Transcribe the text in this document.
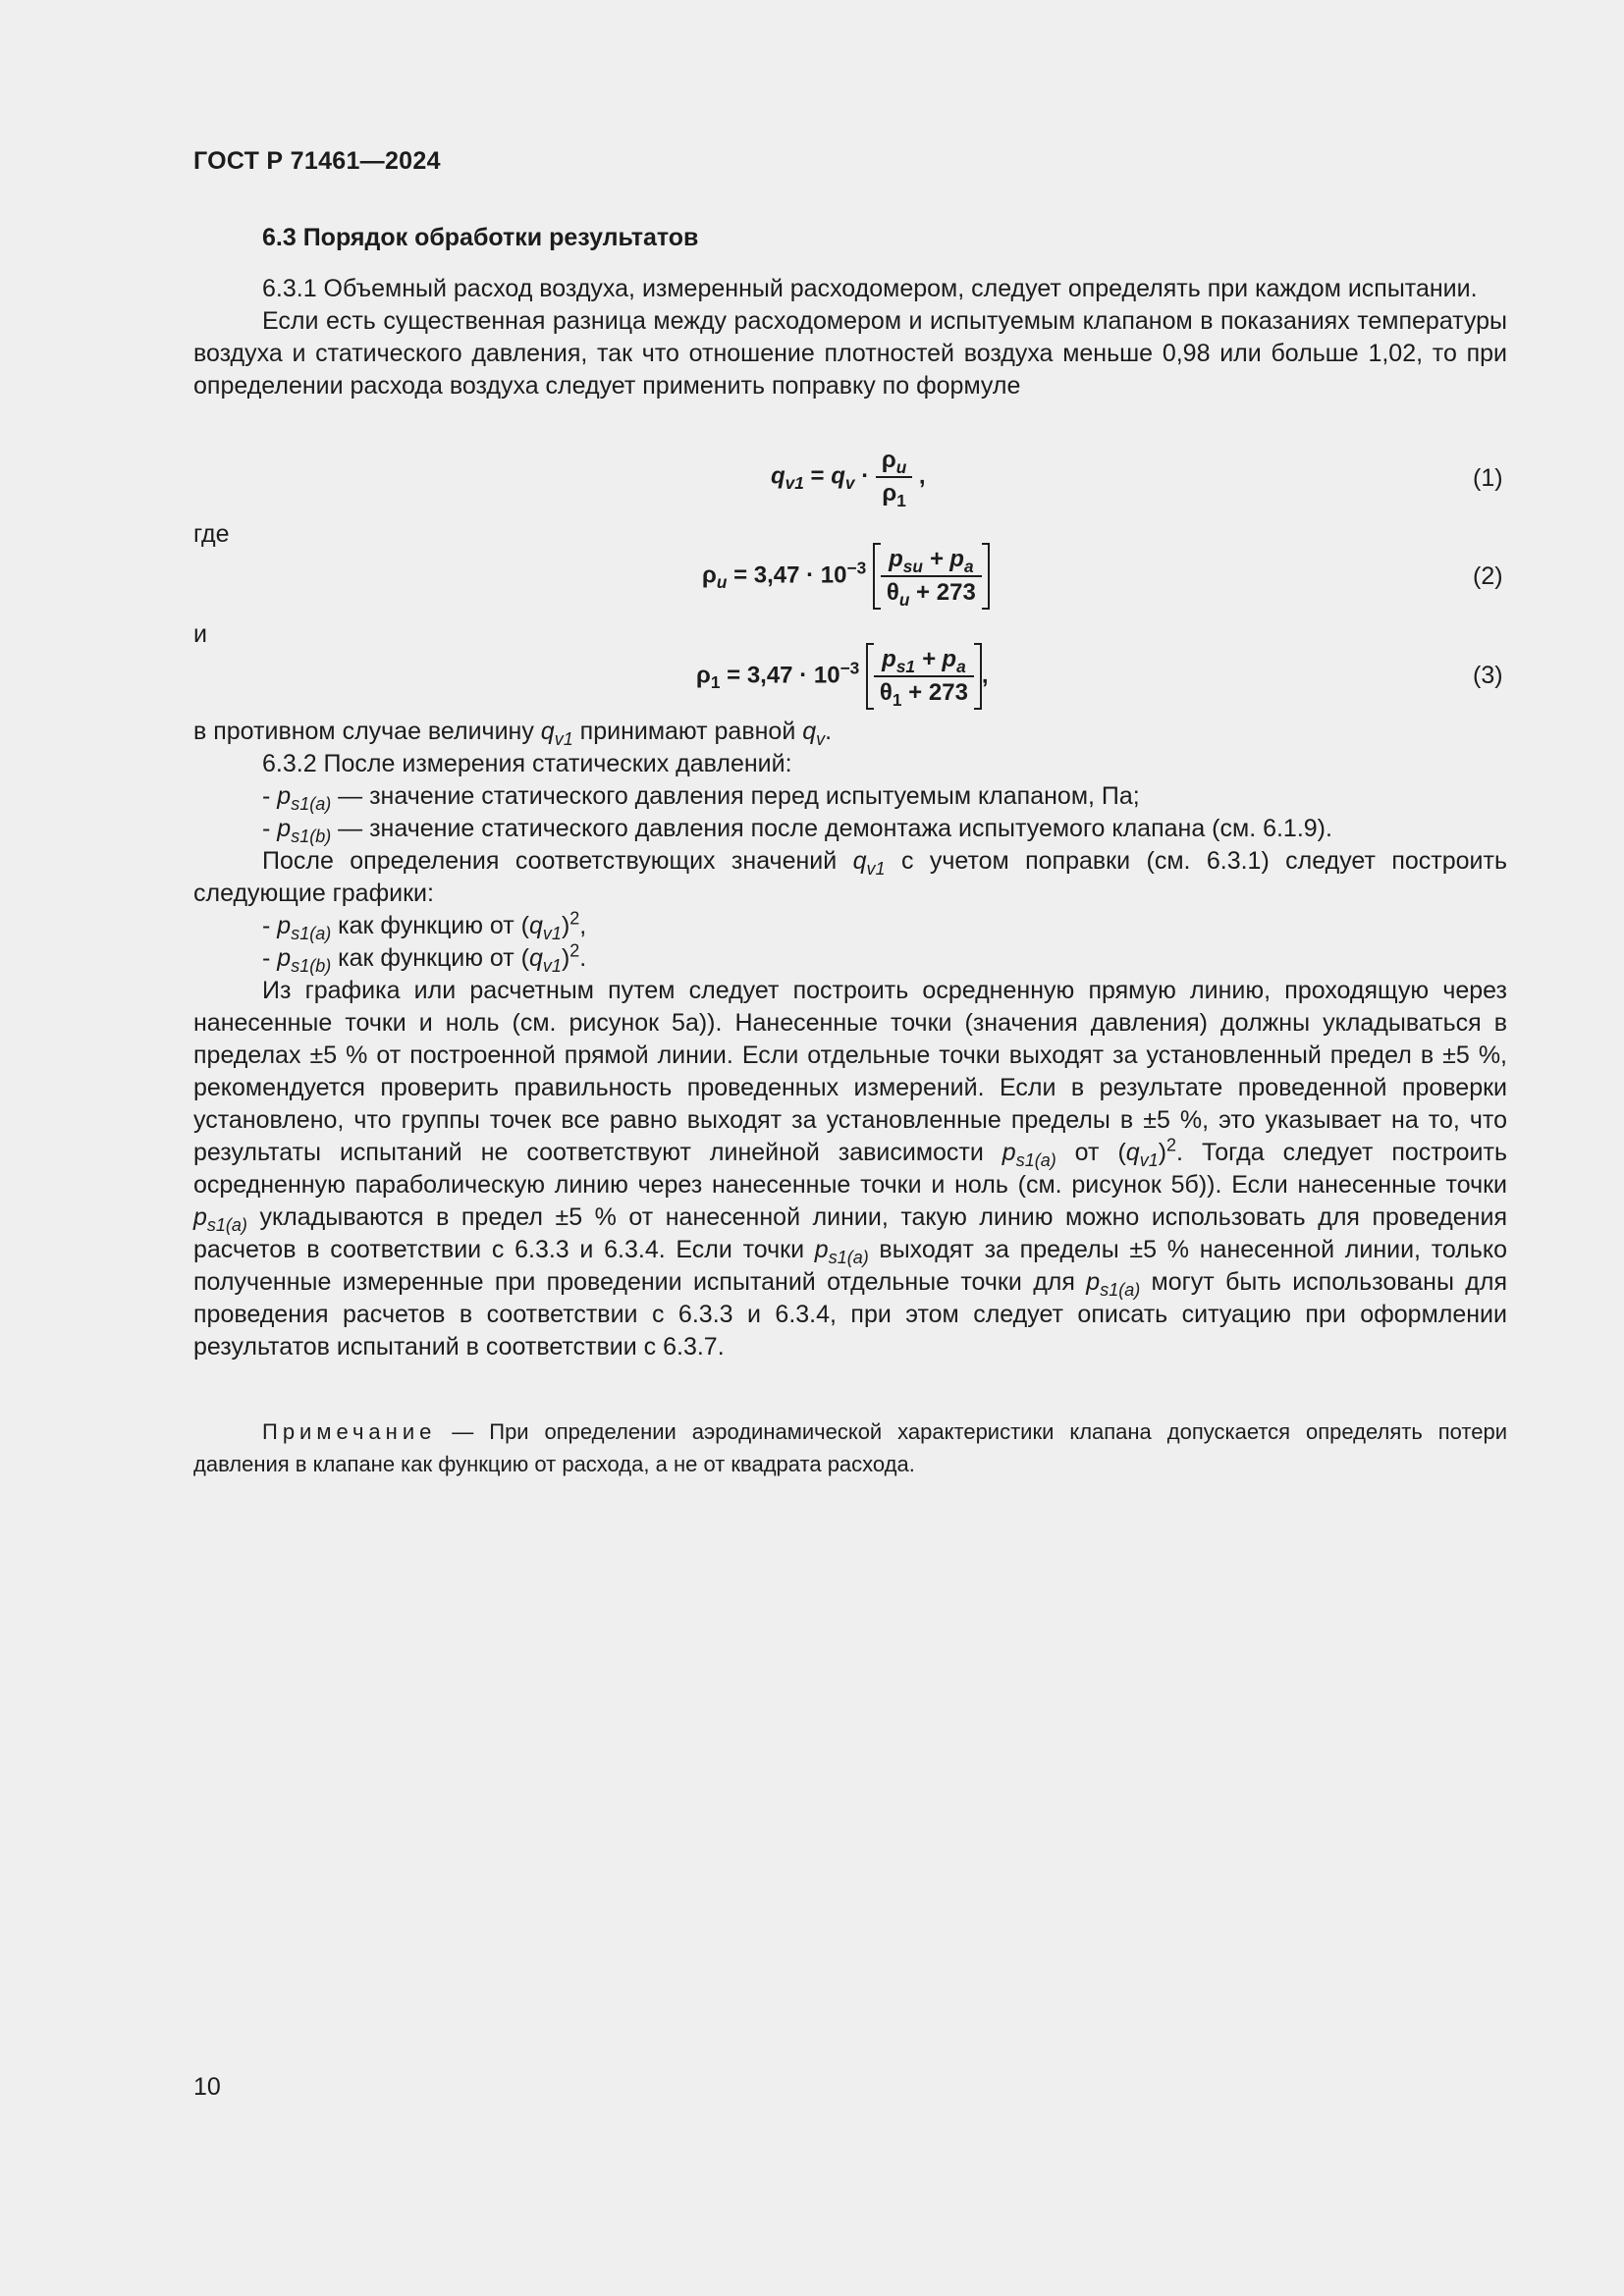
ГОСТ Р 71461—2024
6.3 Порядок обработки результатов

6.3.1 Объемный расход воздуха, измеренный расходомером, следует определять при каждом испытании.

Если есть существенная разница между расходомером и испытуемым клапаном в показаниях температуры воздуха и статического давления, так что отношение плотностей воздуха меньше 0,98 или больше 1,02, то при определении расхода воздуха следует применить поправку по формуле

$q_{v1} = q_v \cdot \frac{\rho_u}{\rho_1}$ ,	(1)
где
$\rho_u = 3,47 \cdot 10^{-3} \frac{p_{su} + p_a}{\theta_u + 273}$	(2)
и
$\rho_1 = 3,47 \cdot 10^{-3} \frac{p_{s1} + p_a}{\theta_1 + 273}$ ,	(3)

в противном случае величину $q_{v1}$ принимают равной $q_v$.

6.3.2 После измерения статических давлений:

- $p_{s1(a)}$ — значение статического давления перед испытуемым клапаном, Па;

- $p_{s1(b)}$ — значение статического давления после демонтажа испытуемого клапана (см. 6.1.9).

После определения соответствующих значений $q_{v1}$ с учетом поправки (см. 6.3.1) следует построить следующие графики:

- $p_{s1(a)}$ как функцию от $(q_{v1})^2$,

- $p_{s1(b)}$ как функцию от $(q_{v1})^2$.

Из графика или расчетным путем следует построить осредненную прямую линию, проходящую через нанесенные точки и ноль (см. рисунок 5а)). Нанесенные точки (значения давления) должны укладываться в пределах ±5 % от построенной прямой линии. Если отдельные точки выходят за установленный предел в ±5 %, рекомендуется проверить правильность проведенных измерений. Если в результате проведенной проверки установлено, что группы точек все равно выходят за установленные пределы в ±5 %, это указывает на то, что результаты испытаний не соответствуют линейной зависимости $p_{s1(a)}$ от $(q_{v1})^2$. Тогда следует построить осредненную параболическую линию через нанесенные точки и ноль (см. рисунок 5б)). Если нанесенные точки $p_{s1(a)}$ укладываются в предел ±5 % от нанесенной линии, такую линию можно использовать для проведения расчетов в соответствии с 6.3.3 и 6.3.4. Если точки $p_{s1(a)}$ выходят за пределы ±5 % нанесенной линии, только полученные измеренные при проведении испытаний отдельные точки для $p_{s1(a)}$ могут быть использованы для проведения расчетов в соответствии с 6.3.3 и 6.3.4, при этом следует описать ситуацию при оформлении результатов испытаний в соответствии с 6.3.7.

Примечание — При определении аэродинамической характеристики клапана допускается определять потери давления в клапане как функцию от расхода, а не от квадрата расхода.

10
